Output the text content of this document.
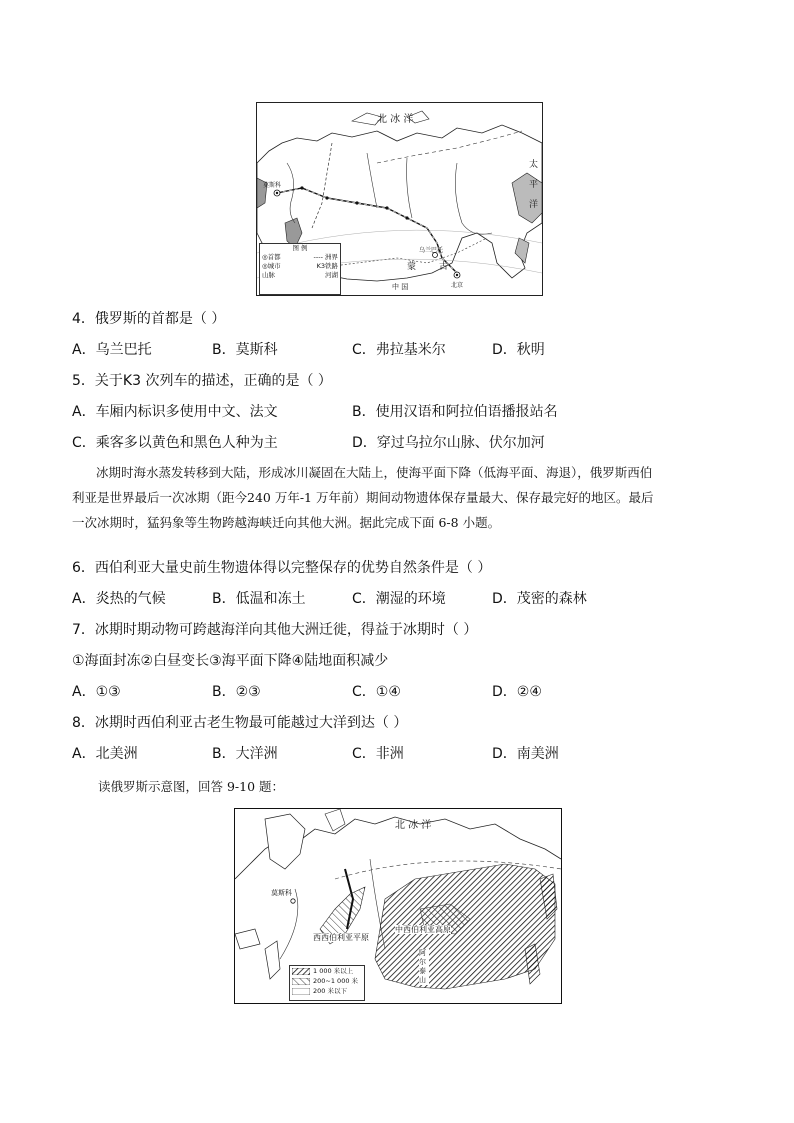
北 冰 洋
太
平
洋
莫斯科
蒙	古
乌兰巴托
北京
中 国
图 例
◎首都	---- 洲界
◎城市	K3铁路
山脉	河湖
4．俄罗斯的首都是（ ）
A．乌兰巴托	B．莫斯科	C．弗拉基米尔	D．秋明
5．关于K3 次列车的描述，正确的是（ ）
A．车厢内标识多使用中文、法文	B．使用汉语和阿拉伯语播报站名
C．乘客多以黄色和黑色人种为主	D．穿过乌拉尔山脉、伏尔加河
冰期时海水蒸发转移到大陆，形成冰川凝固在大陆上，使海平面下降（低海平面、海退），俄罗斯西伯
利亚是世界最后一次冰期（距今240 万年-1 万年前）期间动物遗体保存量最大、保存最完好的地区。最后
一次冰期时，猛犸象等生物跨越海峡迁向其他大洲。据此完成下面 6-8 小题。
6．西伯利亚大量史前生物遗体得以完整保存的优势自然条件是（ ）
A．炎热的气候	B．低温和冻土	C．潮湿的环境	D．茂密的森林
7．冰期时期动物可跨越海洋向其他大洲迁徙，得益于冰期时（ ）
①海面封冻②白昼变长③海平面下降④陆地面积减少
A．①③	B．②③	C．①④	D．②④
8．冰期时西伯利亚古老生物最可能越过大洋到达（ ）
A．北美洲	B．大洋洲	C．非洲	D．南美洲
读俄罗斯示意图，回答 9-10 题：
北 冰 洋
莫斯科
西西伯利亚平原
中西伯利亚高原
阿尔泰山
1 000 米以上
200~1 000 米
200 米以下
